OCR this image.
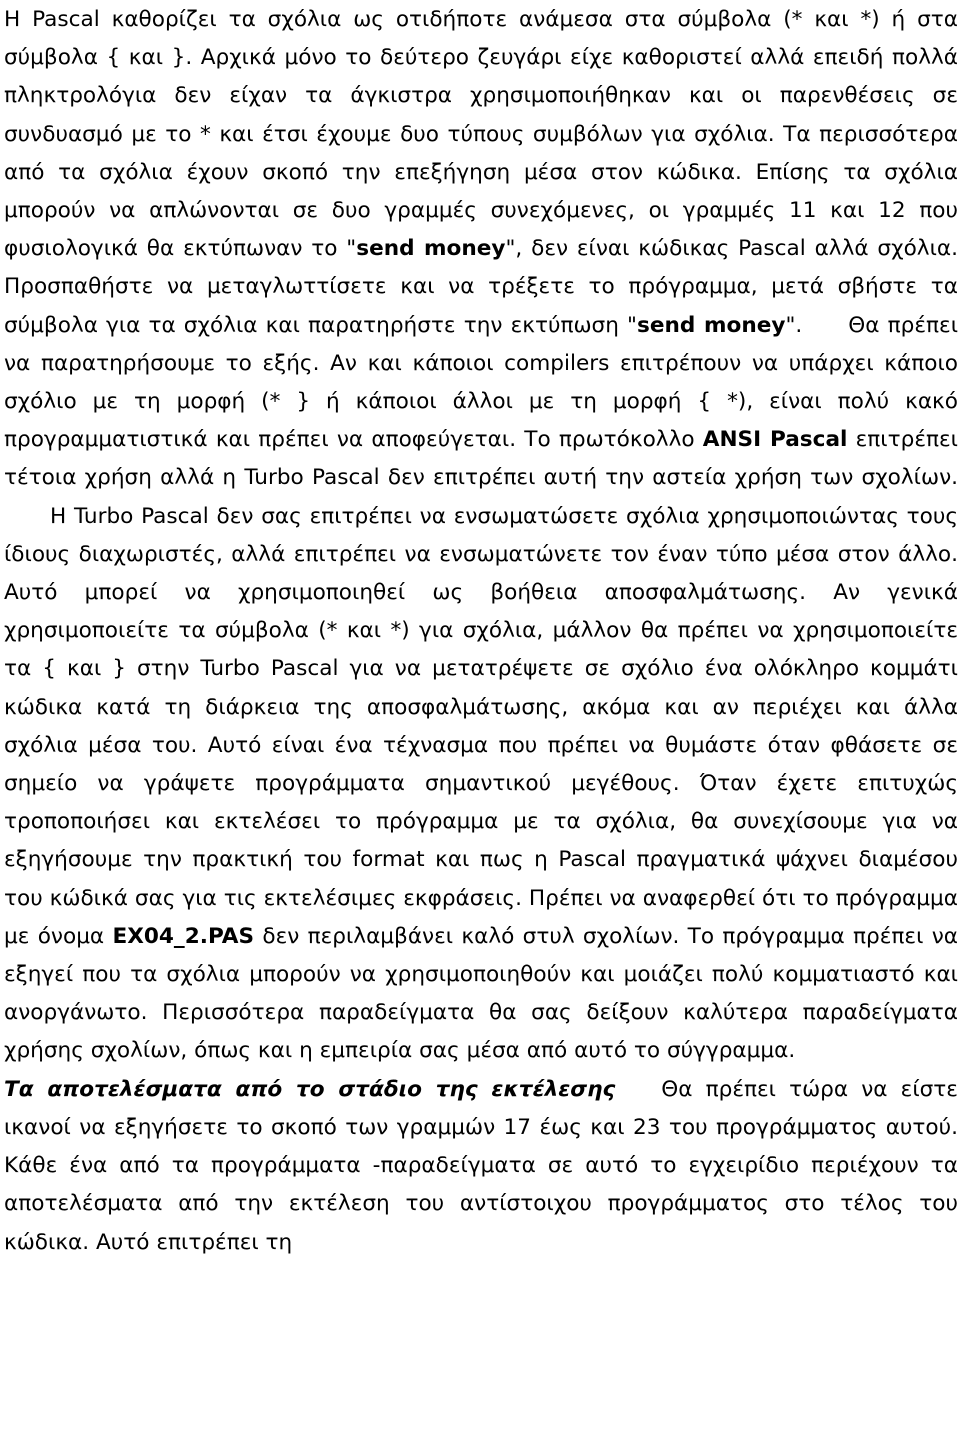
Η Pascal καθορίζει τα σχόλια ως οτιδήποτε ανάμεσα στα σύμβολα (* και *) ή στα σύμβολα { και }. Αρχικά μόνο το δεύτερο ζευγάρι είχε καθοριστεί αλλά επειδή πολλά πληκτρολόγια δεν είχαν τα άγκιστρα χρησιμοποιήθηκαν και οι παρενθέσεις σε συνδυασμό με το * και έτσι έχουμε δυο τύπους συμβόλων για σχόλια. Τα περισσότερα από τα σχόλια έχουν σκοπό την επεξήγηση μέσα στον κώδικα. Επίσης τα σχόλια μπορούν να απλώνονται σε δυο γραμμές συνεχόμενες, οι γραμμές 11 και 12 που φυσιολογικά θα εκτύπωναν το "send money", δεν είναι κώδικας Pascal αλλά σχόλια. Προσπαθήστε να μεταγλωττίσετε και να τρέξετε το πρόγραμμα, μετά σβήστε τα σύμβολα για τα σχόλια και παρατηρήστε την εκτύπωση "send money". Θα πρέπει να παρατηρήσουμε το εξής. Αν και κάποιοι compilers επιτρέπουν να υπάρχει κάποιο σχόλιο με τη μορφή (* } ή κάποιοι άλλοι με τη μορφή { *), είναι πολύ κακό προγραμματιστικά και πρέπει να αποφεύγεται. Το πρωτόκολλο ANSI Pascal επιτρέπει τέτοια χρήση αλλά η Turbo Pascal δεν επιτρέπει αυτή την αστεία χρήση των σχολίων.Η Turbo Pascal δεν σας επιτρέπει να ενσωματώσετε σχόλια χρησιμοποιώντας τους ίδιους διαχωριστές, αλλά επιτρέπει να ενσωματώνετε τον έναν τύπο μέσα στον άλλο. Αυτό μπορεί να χρησιμοποιηθεί ως βοήθεια αποσφαλμάτωσης. Αν γενικά χρησιμοποιείτε τα σύμβολα (* και *) για σχόλια, μάλλον θα πρέπει να χρησιμοποιείτε τα { και } στην Turbo Pascal για να μετατρέψετε σε σχόλιο ένα ολόκληρο κομμάτι κώδικα κατά τη διάρκεια της αποσφαλμάτωσης, ακόμα και αν περιέχει και άλλα σχόλια μέσα του. Αυτό είναι ένα τέχνασμα που πρέπει να θυμάστε όταν φθάσετε σε σημείο να γράψετε προγράμματα σημαντικού μεγέθους. Όταν έχετε επιτυχώς τροποποιήσει και εκτελέσει το πρόγραμμα με τα σχόλια, θα συνεχίσουμε για να εξηγήσουμε την πρακτική του format και πως η Pascal πραγματικά ψάχνει διαμέσου του κώδικά σας για τις εκτελέσιμες εκφράσεις. Πρέπει να αναφερθεί ότι το πρόγραμμα με όνομα EX04_2.PAS δεν περιλαμβάνει καλό στυλ σχολίων. Το πρόγραμμα πρέπει να εξηγεί που τα σχόλια μπορούν να χρησιμοποιηθούν και μοιάζει πολύ κομματιαστό και ανοργάνωτο. Περισσότερα παραδείγματα θα σας δείξουν καλύτερα παραδείγματα χρήσης σχολίων, όπως και η εμπειρία σας μέσα από αυτό το σύγγραμμα.

Τα αποτελέσματα από το στάδιο της εκτέλεσης Θα πρέπει τώρα να είστε ικανοί να εξηγήσετε το σκοπό των γραμμών 17 έως και 23 του προγράμματος αυτού. Κάθε ένα από τα προγράμματα -παραδείγματα σε αυτό το εγχειρίδιο περιέχουν τα αποτελέσματα από την εκτέλεση του αντίστοιχου προγράμματος στο τέλος του κώδικα. Αυτό επιτρέπει τη
